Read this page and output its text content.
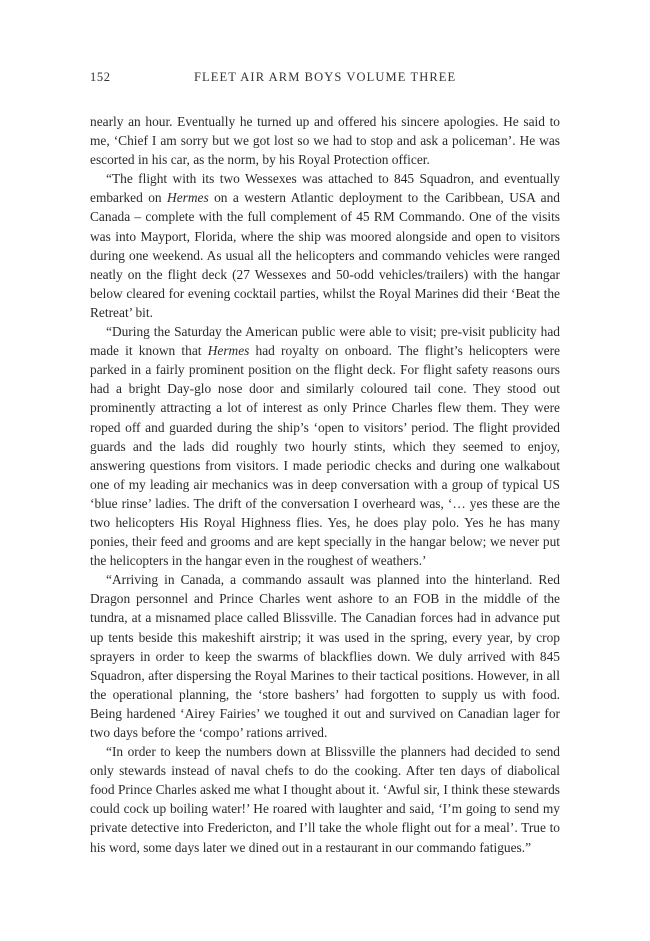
152	FLEET AIR ARM BOYS VOLUME THREE

nearly an hour. Eventually he turned up and offered his sincere apologies. He said to me, ‘Chief I am sorry but we got lost so we had to stop and ask a policeman’. He was escorted in his car, as the norm, by his Royal Protection officer.

“The flight with its two Wessexes was attached to 845 Squadron, and eventually embarked on Hermes on a western Atlantic deployment to the Caribbean, USA and Canada – complete with the full complement of 45 RM Commando. One of the visits was into Mayport, Florida, where the ship was moored alongside and open to visitors during one weekend. As usual all the helicopters and commando vehicles were ranged neatly on the flight deck (27 Wessexes and 50-odd vehicles/trailers) with the hangar below cleared for evening cocktail parties, whilst the Royal Marines did their ‘Beat the Retreat’ bit.

“During the Saturday the American public were able to visit; pre-visit publicity had made it known that Hermes had royalty on onboard. The flight’s helicopters were parked in a fairly prominent position on the flight deck. For flight safety reasons ours had a bright Day-glo nose door and similarly coloured tail cone. They stood out prominently attracting a lot of interest as only Prince Charles flew them. They were roped off and guarded during the ship’s ‘open to visitors’ period. The flight provided guards and the lads did roughly two hourly stints, which they seemed to enjoy, answering questions from visitors. I made periodic checks and during one walkabout one of my leading air mechanics was in deep conversation with a group of typical US ‘blue rinse’ ladies. The drift of the conversation I overheard was, ‘… yes these are the two helicopters His Royal Highness flies. Yes, he does play polo. Yes he has many ponies, their feed and grooms and are kept specially in the hangar below; we never put the helicopters in the hangar even in the roughest of weathers.’

“Arriving in Canada, a commando assault was planned into the hinterland. Red Dragon personnel and Prince Charles went ashore to an FOB in the middle of the tundra, at a misnamed place called Blissville. The Canadian forces had in advance put up tents beside this makeshift airstrip; it was used in the spring, every year, by crop sprayers in order to keep the swarms of blackflies down. We duly arrived with 845 Squadron, after dispersing the Royal Marines to their tactical positions. However, in all the operational planning, the ‘store bashers’ had forgotten to supply us with food. Being hardened ‘Airey Fairies’ we toughed it out and survived on Canadian lager for two days before the ‘compo’ rations arrived.

“In order to keep the numbers down at Blissville the planners had decided to send only stewards instead of naval chefs to do the cooking. After ten days of diabolical food Prince Charles asked me what I thought about it. ‘Awful sir, I think these stewards could cock up boiling water!’ He roared with laughter and said, ‘I’m going to send my private detective into Fredericton, and I’ll take the whole flight out for a meal’. True to his word, some days later we dined out in a restaurant in our commando fatigues.”
